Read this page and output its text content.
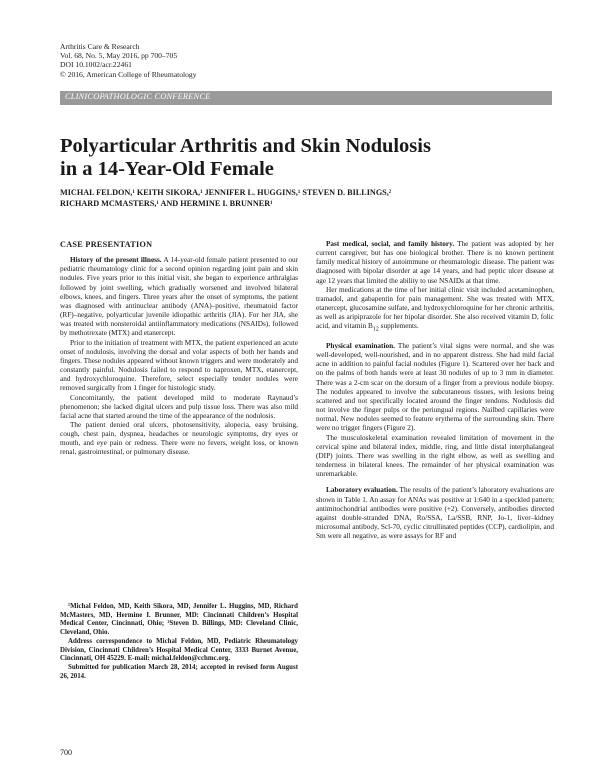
Arthritis Care & Research
Vol. 68, No. 5, May 2016, pp 700–705
DOI 10.1002/acr.22461
© 2016, American College of Rheumatology
CLINICOPATHOLOGIC CONFERENCE
Polyarticular Arthritis and Skin Nodulosis
in a 14-Year-Old Female
MICHAL FELDON,¹ KEITH SIKORA,¹ JENNIFER L. HUGGINS,¹ STEVEN D. BILLINGS,²
RICHARD MCMASTERS,¹ AND HERMINE I. BRUNNER¹
CASE PRESENTATION

History of the present illness. A 14-year-old female patient presented to our pediatric rheumatology clinic for a second opinion regarding joint pain and skin nodules. Five years prior to this initial visit, she began to experience arthralgias followed by joint swelling, which gradually worsened and involved bilateral elbows, knees, and fingers. Three years after the onset of symptoms, the patient was diagnosed with antinuclear antibody (ANA)–positive, rheumatoid factor (RF)–negative, polyarticular juvenile idiopathic arthritis (JIA). For her JIA, she was treated with nonsteroidal antiinflammatory medications (NSAIDs), followed by methotrexate (MTX) and etanercept.

Prior to the initiation of treatment with MTX, the patient experienced an acute onset of nodulosis, involving the dorsal and volar aspects of both her hands and fingers. These nodules appeared without known triggers and were moderately and constantly painful. Nodulosis failed to respond to naproxen, MTX, etanercept, and hydroxychloroquine. Therefore, select especially tender nodules were removed surgically from 1 finger for histologic study.

Concomitantly, the patient developed mild to moderate Raynaud’s phenomenon; she lacked digital ulcers and pulp tissue loss. There was also mild facial acne that started around the time of the appearance of the nodulosis.

The patient denied oral ulcers, photosensitivity, alopecia, easy bruising, cough, chest pain, dyspnea, headaches or neurologic symptoms, dry eyes or mouth, and eye pain or redness. There were no fevers, weight loss, or known renal, gastrointestinal, or pulmonary disease.

¹Michal Feldon, MD, Keith Sikora, MD, Jennifer L. Huggins, MD, Richard McMasters, MD, Hermine I. Brunner, MD: Cincinnati Children’s Hospital Medical Center, Cincinnati, Ohio; ²Steven D. Billings, MD: Cleveland Clinic, Cleveland, Ohio.

Address correspondence to Michal Feldon, MD, Pediatric Rheumatology Division, Cincinnati Children’s Hospital Medical Center, 3333 Burnet Avenue, Cincinnati, OH 45229. E-mail: michal.feldon@cchmc.org.

Submitted for publication March 28, 2014; accepted in revised form August 26, 2014.

Past medical, social, and family history. The patient was adopted by her current caregiver, but has one biological brother. There is no known pertinent family medical history of autoimmune or rheumatologic disease. The patient was diagnosed with bipolar disorder at age 14 years, and had peptic ulcer disease at age 12 years that limited the ability to use NSAIDs at that time.

Her medications at the time of her initial clinic visit included acetaminophen, tramadol, and gabapentin for pain management. She was treated with MTX, etanercept, glucosamine sulfate, and hydroxychloroquine for her chronic arthritis, as well as aripiprazole for her bipolar disorder. She also received vitamin D, folic acid, and vitamin $B_{12}$ supplements.

Physical examination. The patient’s vital signs were normal, and she was well-developed, well-nourished, and in no apparent distress. She had mild facial acne in addition to painful facial nodules (Figure 1). Scattered over her back and on the palms of both hands were at least 30 nodules of up to 3 mm in diameter. There was a 2-cm scar on the dorsum of a finger from a previous nodule biopsy. The nodules appeared to involve the subcutaneous tissues, with lesions being scattered and not specifically located around the finger tendons. Nodulosis did not involve the finger pulps or the periungual regions. Nailbed capillaries were normal. New nodules seemed to feature erythema of the surrounding skin. There were no trigger fingers (Figure 2).

The musculoskeletal examination revealed limitation of movement in the cervical spine and bilateral index, middle, ring, and little distal interphalangeal (DIP) joints. There was swelling in the right elbow, as well as swelling and tenderness in bilateral knees. The remainder of her physical examination was unremarkable.

Laboratory evaluation. The results of the patient’s laboratory evaluations are shown in Table 1. An assay for ANAs was positive at 1:640 in a speckled pattern; antimitochondrial antibodies were positive (+2). Conversely, antibodies directed against double-stranded DNA, Ro/SSA, La/SSB, RNP, Jo-1, liver–kidney microsomal antibody, Scl-70, cyclic citrullinated peptides (CCP), cardiolipin, and Sm were all negative, as were assays for RF and

700
